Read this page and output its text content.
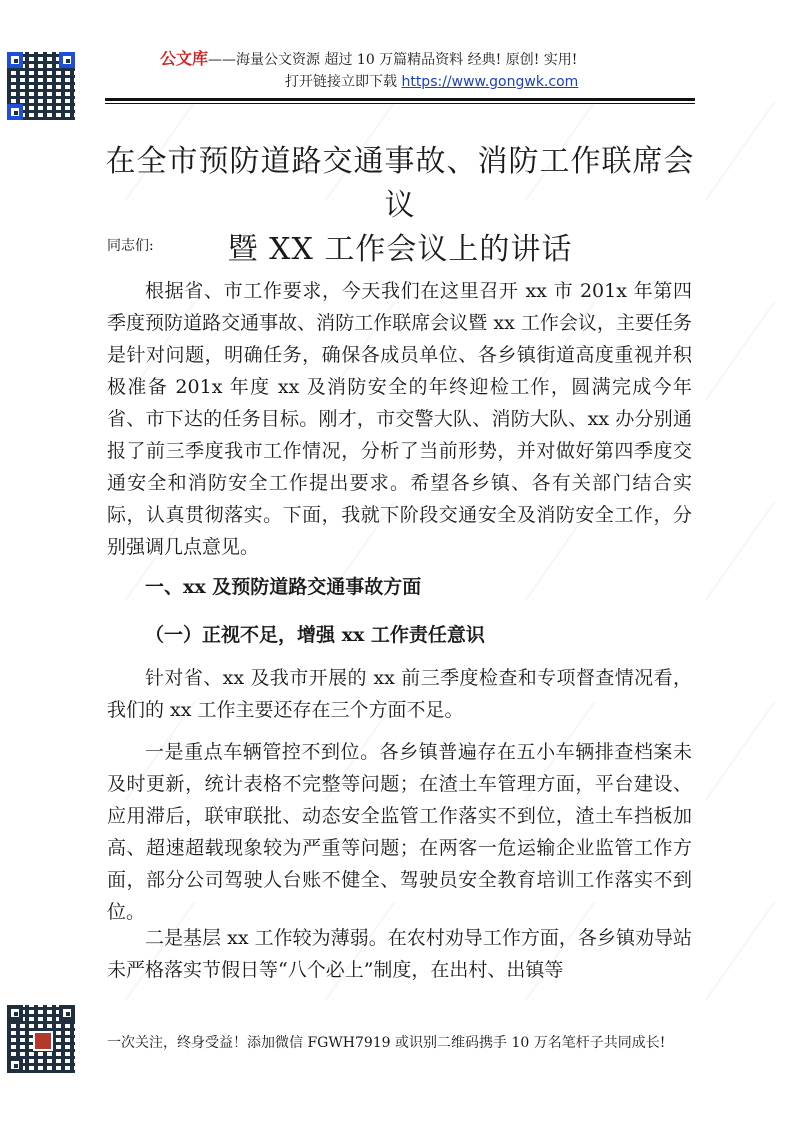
公文库——海量公文资源 超过 10 万篇精品资料 经典! 原创! 实用!
打开链接立即下载 https://www.gongwk.com
在全市预防道路交通事故、消防工作联席会议
暨 XX 工作会议上的讲话
同志们:

根据省、市工作要求，今天我们在这里召开 xx 市 201x 年第四季度预防道路交通事故、消防工作联席会议暨 xx 工作会议，主要任务是针对问题，明确任务，确保各成员单位、各乡镇街道高度重视并积极准备 201x 年度 xx 及消防安全的年终迎检工作，圆满完成今年省、市下达的任务目标。刚才，市交警大队、消防大队、xx 办分别通报了前三季度我市工作情况，分析了当前形势，并对做好第四季度交通安全和消防安全工作提出要求。希望各乡镇、各有关部门结合实际，认真贯彻落实。下面，我就下阶段交通安全及消防安全工作，分别强调几点意见。

一、xx 及预防道路交通事故方面

（一）正视不足，增强 xx 工作责任意识

针对省、xx 及我市开展的 xx 前三季度检查和专项督查情况看，我们的 xx 工作主要还存在三个方面不足。

一是重点车辆管控不到位。各乡镇普遍存在五小车辆排查档案未及时更新，统计表格不完整等问题；在渣土车管理方面，平台建设、应用滞后，联审联批、动态安全监管工作落实不到位，渣土车挡板加高、超速超载现象较为严重等问题；在两客一危运输企业监管工作方面，部分公司驾驶人台账不健全、驾驶员安全教育培训工作落实不到位。

二是基层 xx 工作较为薄弱。在农村劝导工作方面，各乡镇劝导站未严格落实节假日等“八个必上”制度，在出村、出镇等

一次关注，终身受益！添加微信 FGWH7919 或识别二维码携手 10 万名笔杆子共同成长!
